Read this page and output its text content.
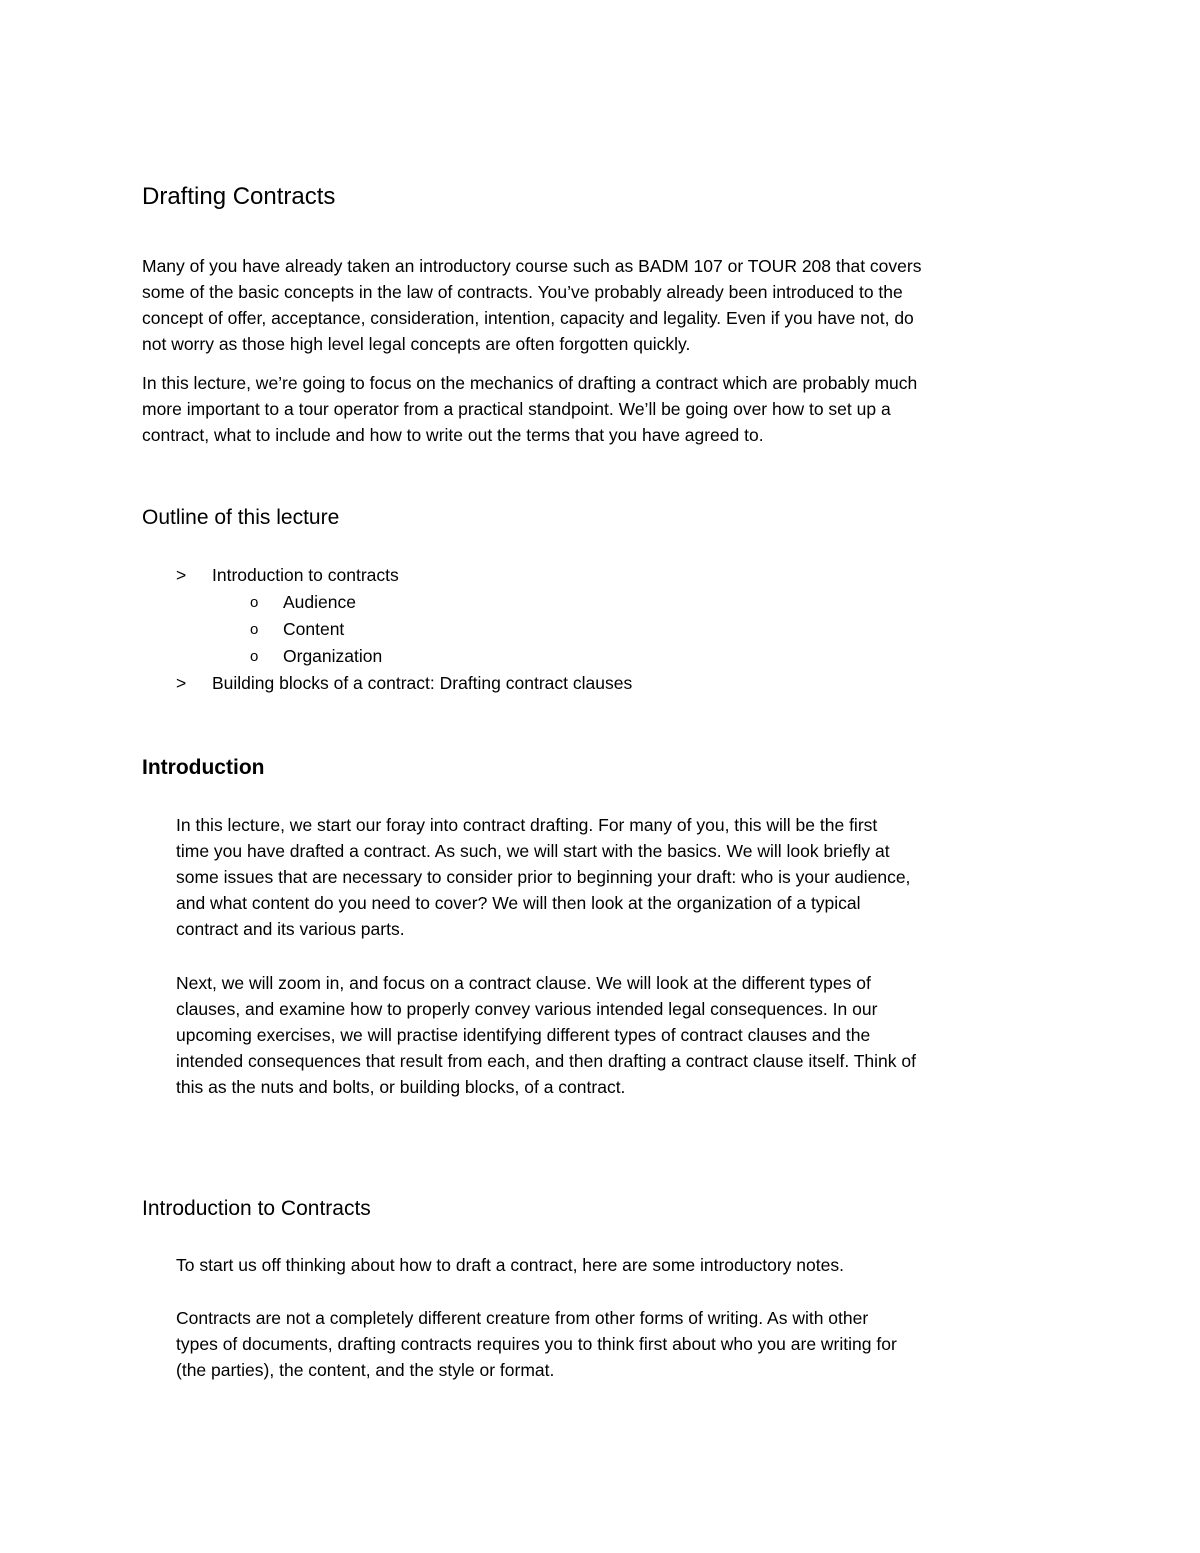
Drafting Contracts
Many of you have already taken an introductory course such as BADM 107 or TOUR 208 that covers
some of the basic concepts in the law of contracts. You’ve probably already been introduced to the
concept of offer, acceptance, consideration, intention, capacity and legality. Even if you have not, do
not worry as those high level legal concepts are often forgotten quickly.
In this lecture, we’re going to focus on the mechanics of drafting a contract which are probably much
more important to a tour operator from a practical standpoint. We’ll be going over how to set up a
contract, what to include and how to write out the terms that you have agreed to.
Outline of this lecture
> Introduction to contracts
o Audience
o Content
o Organization
> Building blocks of a contract: Drafting contract clauses
Introduction
In this lecture, we start our foray into contract drafting. For many of you, this will be the first
time you have drafted a contract. As such, we will start with the basics. We will look briefly at
some issues that are necessary to consider prior to beginning your draft: who is your audience,
and what content do you need to cover? We will then look at the organization of a typical
contract and its various parts.
Next, we will zoom in, and focus on a contract clause. We will look at the different types of
clauses, and examine how to properly convey various intended legal consequences. In our
upcoming exercises, we will practise identifying different types of contract clauses and the
intended consequences that result from each, and then drafting a contract clause itself. Think of
this as the nuts and bolts, or building blocks, of a contract.
Introduction to Contracts
To start us off thinking about how to draft a contract, here are some introductory notes.
Contracts are not a completely different creature from other forms of writing. As with other
types of documents, drafting contracts requires you to think first about who you are writing for
(the parties), the content, and the style or format.
